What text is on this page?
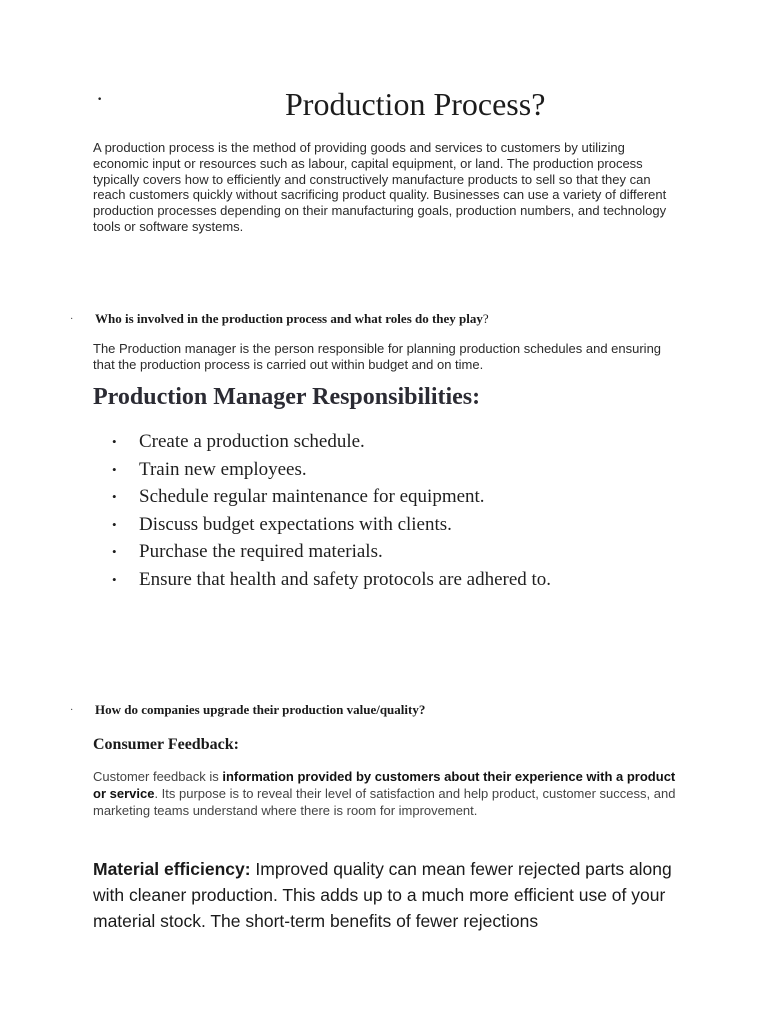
·	Production Process?

A production process is the method of providing goods and services to customers by utilizing economic input or resources such as labour, capital equipment, or land. The production process typically covers how to efficiently and constructively manufacture products to sell so that they can reach customers quickly without sacrificing product quality. Businesses can use a variety of different production processes depending on their manufacturing goals, production numbers, and technology tools or software systems.

· Who is involved in the production process and what roles do they play?

The Production manager is the person responsible for planning production schedules and ensuring that the production process is carried out within budget and on time.

Production Manager Responsibilities:
• Create a production schedule.
• Train new employees.
• Schedule regular maintenance for equipment.
• Discuss budget expectations with clients.
• Purchase the required materials.
• Ensure that health and safety protocols are adhered to.
· How do companies upgrade their production value/quality?

Consumer Feedback:

Customer feedback is information provided by customers about their experience with a product or service. Its purpose is to reveal their level of satisfaction and help product, customer success, and marketing teams understand where there is room for improvement.

Material efficiency: Improved quality can mean fewer rejected parts along with cleaner production. This adds up to a much more efficient use of your material stock. The short-term benefits of fewer rejections
